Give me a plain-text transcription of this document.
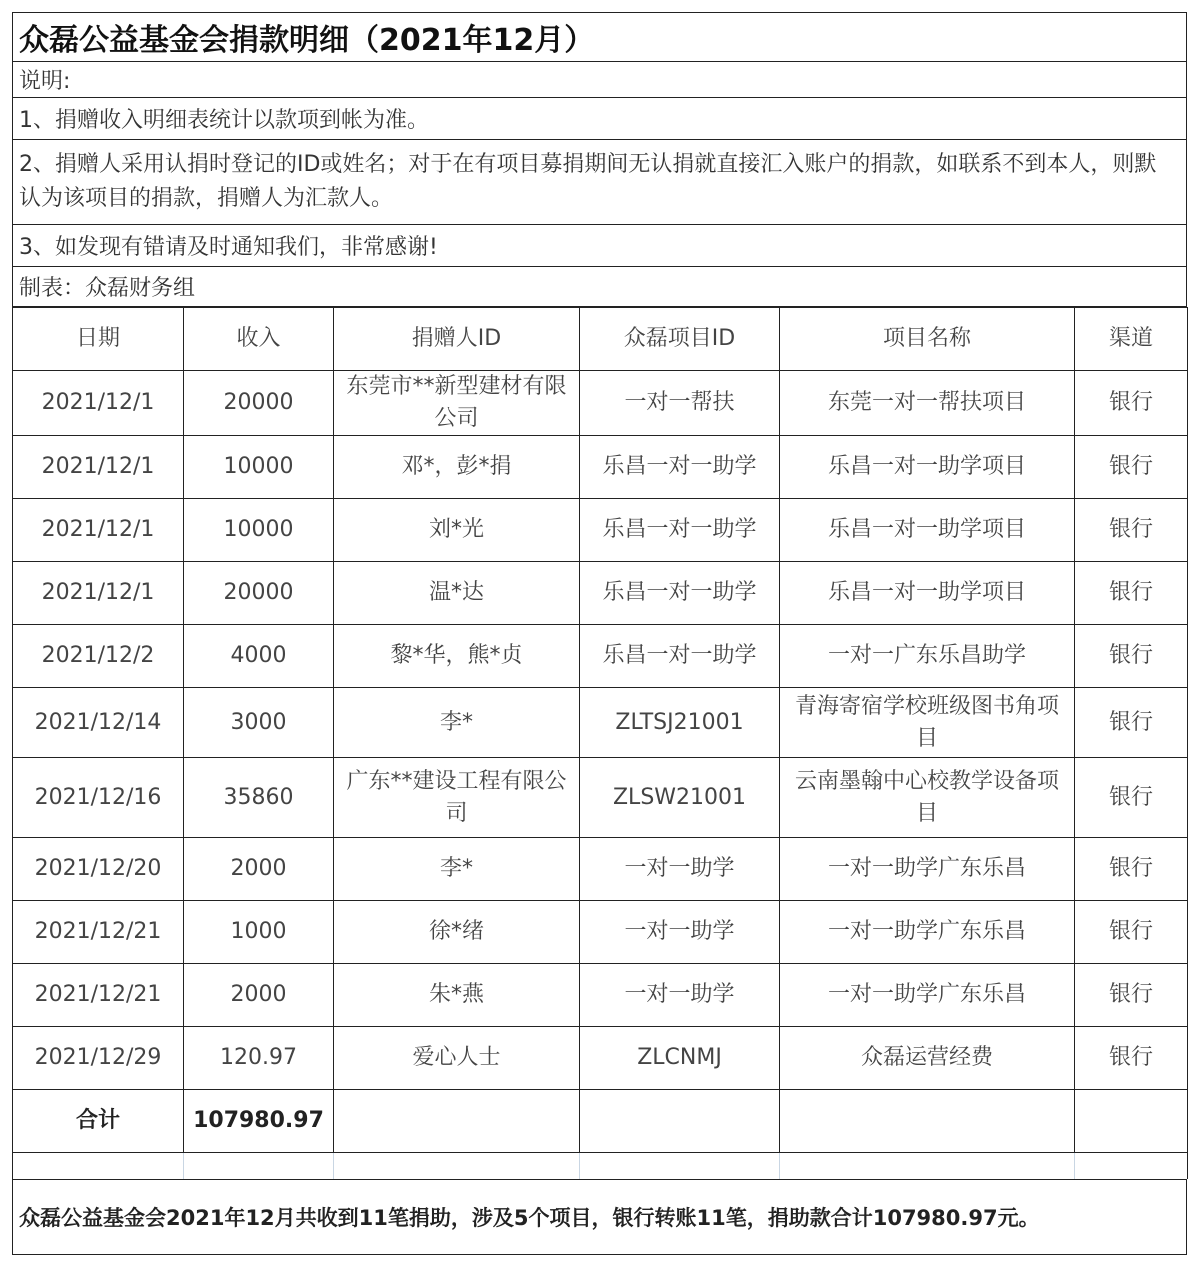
众磊公益基金会捐款明细（2021年12月）
说明:
1、捐赠收入明细表统计以款项到帐为准。
2、捐赠人采用认捐时登记的ID或姓名；对于在有项目募捐期间无认捐就直接汇入账户的捐款，如联系不到本人，则默认为该项目的捐款，捐赠人为汇款人。
3、如发现有错请及时通知我们，非常感谢!
制表：众磊财务组
日期	收入	捐赠人ID	众磊项目ID	项目名称	渠道
2021/12/1	20000	东莞市**新型建材有限公司	一对一帮扶	东莞一对一帮扶项目	银行
2021/12/1	10000	邓*，彭*捐	乐昌一对一助学	乐昌一对一助学项目	银行
2021/12/1	10000	刘*光	乐昌一对一助学	乐昌一对一助学项目	银行
2021/12/1	20000	温*达	乐昌一对一助学	乐昌一对一助学项目	银行
2021/12/2	4000	黎*华，熊*贞	乐昌一对一助学	一对一广东乐昌助学	银行
2021/12/14	3000	李*	ZLTSJ21001	青海寄宿学校班级图书角项目	银行
2021/12/16	35860	广东**建设工程有限公司	ZLSW21001	云南墨翰中心校教学设备项目	银行
2021/12/20	2000	李*	一对一助学	一对一助学广东乐昌	银行
2021/12/21	1000	徐*绪	一对一助学	一对一助学广东乐昌	银行
2021/12/21	2000	朱*燕	一对一助学	一对一助学广东乐昌	银行
2021/12/29	120.97	爱心人士	ZLCNMJ	众磊运营经费	银行
合计	107980.97				

众磊公益基金会2021年12月共收到11笔捐助，涉及5个项目，银行转账11笔，捐助款合计107980.97元。
